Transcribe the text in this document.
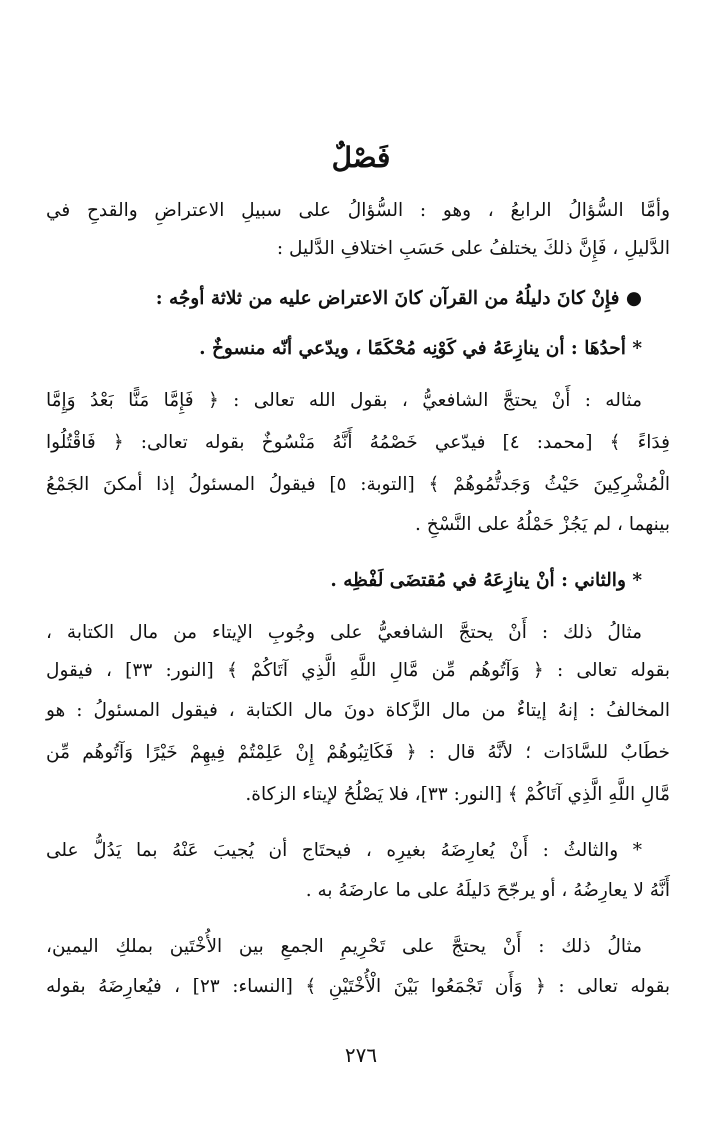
فَصْلٌ
وأمَّا السُّؤالُ الرابعُ ، وهو : السُّؤالُ على سبيلِ الاعتراضِ والقدحِ في
الدَّليلِ ، فَإِنَّ ذلكَ يختلفُ على حَسَبِ اختلافِ الدَّليل :
● فإِنْ كانَ دليلُهُ من القرآن كانَ الاعتراض عليه من ثلاثة أوجُه :
* أحدُهَا : أن ينازِعَهُ في كَوْنِه مُحْكَمًا ، ويدّعي أنّه منسوخٌ .
مثاله : أَنْ يحتجَّ الشافعيُّ ، بقول الله تعالى : ﴿ فَإِمَّا مَنًّا بَعْدُ وَإِمَّا
فِدَاءً ﴾ [محمد: ٤] فيدّعي خَصْمُهُ أَنَّهُ مَنْسُوخٌ بقوله تعالى: ﴿ فَاقْتُلُوا
الْمُشْرِكِينَ حَيْثُ وَجَدتُّمُوهُمْ ﴾ [التوبة: ٥] فيقولُ المسئولُ إذا أمكنَ الجَمْعُ
بينهما ، لم يَجُزْ حَمْلُهُ على النَّسْخِ .
* والثاني : أنْ ينازِعَهُ في مُقتضَى لَفْظِه .
مثالُ ذلك : أَنْ يحتجَّ الشافعيُّ على وجُوبِ الإيتاء من مال الكتابة ،
بقوله تعالى : ﴿ وَآتُوهُم مِّن مَّالِ اللَّهِ الَّذِي آتَاكُمْ ﴾ [النور: ٣٣] ، فيقول
المخالفُ : إنهُ إيتاءٌ من مال الزَّكاة دونَ مال الكتابة ، فيقول المسئولُ : هو
خطَابٌ للسَّادَات ؛ لأنَّهُ قال : ﴿ فَكَاتِبُوهُمْ إِنْ عَلِمْتُمْ فِيهِمْ خَيْرًا وَآتُوهُم مِّن
مَّالِ اللَّهِ الَّذِي آتَاكُمْ ﴾ [النور: ٣٣]، فلا يَصْلُحُ لإيتاء الزكاة.
* والثالثُ : أَنْ يُعارِضَهُ بغيرِه ، فيحتَاج أن يُجيبَ عَنْهُ بما يَدُلُّ على
أَنَّهُ لا يعارِضُهُ ، أو يرجّحَ دَليلَهُ على ما عارضَهُ به .
مثالُ ذلك : أَنْ يحتجَّ على تَحْرِيمِ الجمعِ بين الأُخْتَين بملكِ اليمين،
بقوله تعالى : ﴿ وَأَن تَجْمَعُوا بَيْنَ الْأُخْتَيْنِ ﴾ [النساء: ٢٣] ، فيُعارِضَهُ بقوله
٢٧٦
